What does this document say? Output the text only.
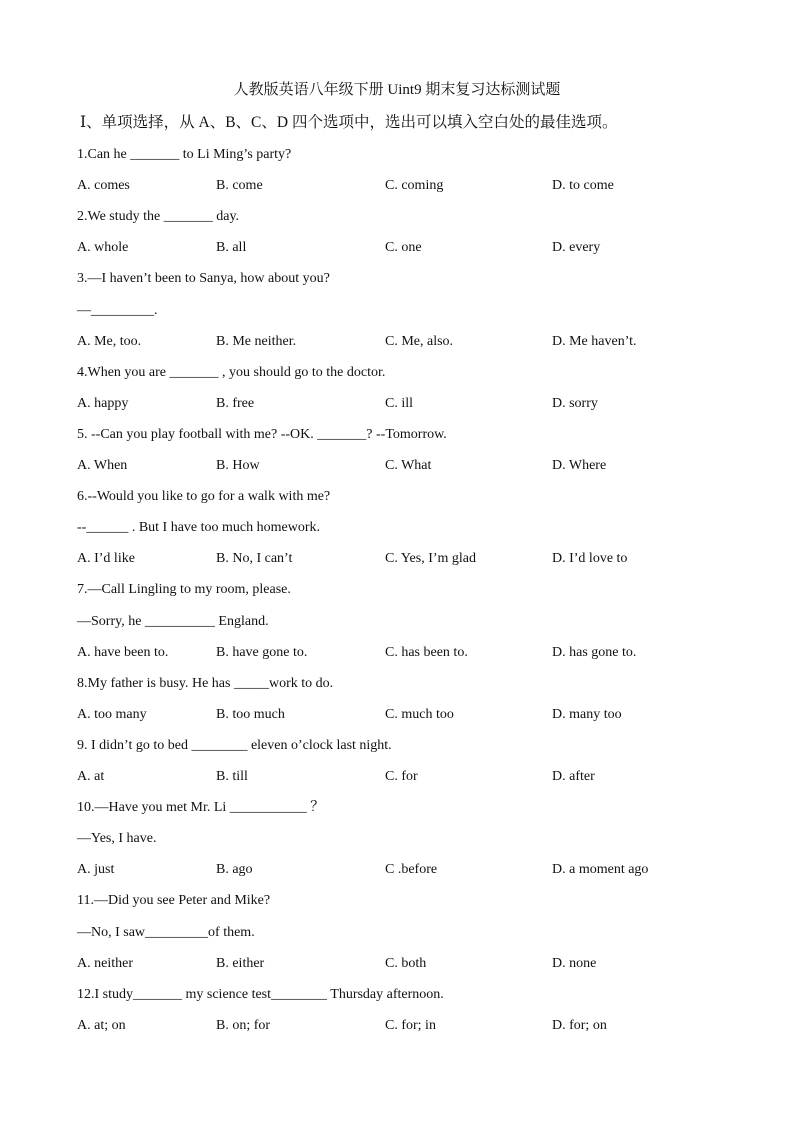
人教版英语八年级下册 Uint9 期末复习达标测试题
Ⅰ、单项选择，从 A、B、C、D 四个选项中，选出可以填入空白处的最佳选项。
1.Can he _______ to Li Ming’s party?
A. comes	B. come	C. coming	D. to come
2.We study the _______ day.
A. whole	B. all	C. one	D. every
3.—I haven’t been to Sanya, how about you?
—_________.
A. Me, too.	B. Me neither.	C. Me, also.	D. Me haven’t.
4.When you are _______ , you should go to the doctor.
A. happy	B. free	C. ill	D. sorry
5. --Can you play football with me? --OK. _______? --Tomorrow.
A. When	B. How	C. What	D. Where
6.--Would you like to go for a walk with me?
--______ . But I have too much homework.
A. I’d like	B. No, I can’t	C. Yes, I’m glad	D. I’d love to
7.—Call Lingling to my room, please.
—Sorry, he __________ England.
A. have been to.	B. have gone to.	C. has been to.	D. has gone to.
8.My father is busy. He has _____work to do.
A. too many	B. too much	C. much too	D. many too
9. I didn’t go to bed ________ eleven o’clock last night.
A. at	B. till	C. for	D. after
10.—Have you met Mr. Li ___________ ？
—Yes, I have.
A. just	B. ago	C .before	D. a moment ago
11.—Did you see Peter and Mike?
—No, I saw_________of them.
A. neither	B. either	C. both	D. none
12.I study_______ my science test________ Thursday afternoon.
A. at; on	B. on; for	C. for; in	D. for; on
